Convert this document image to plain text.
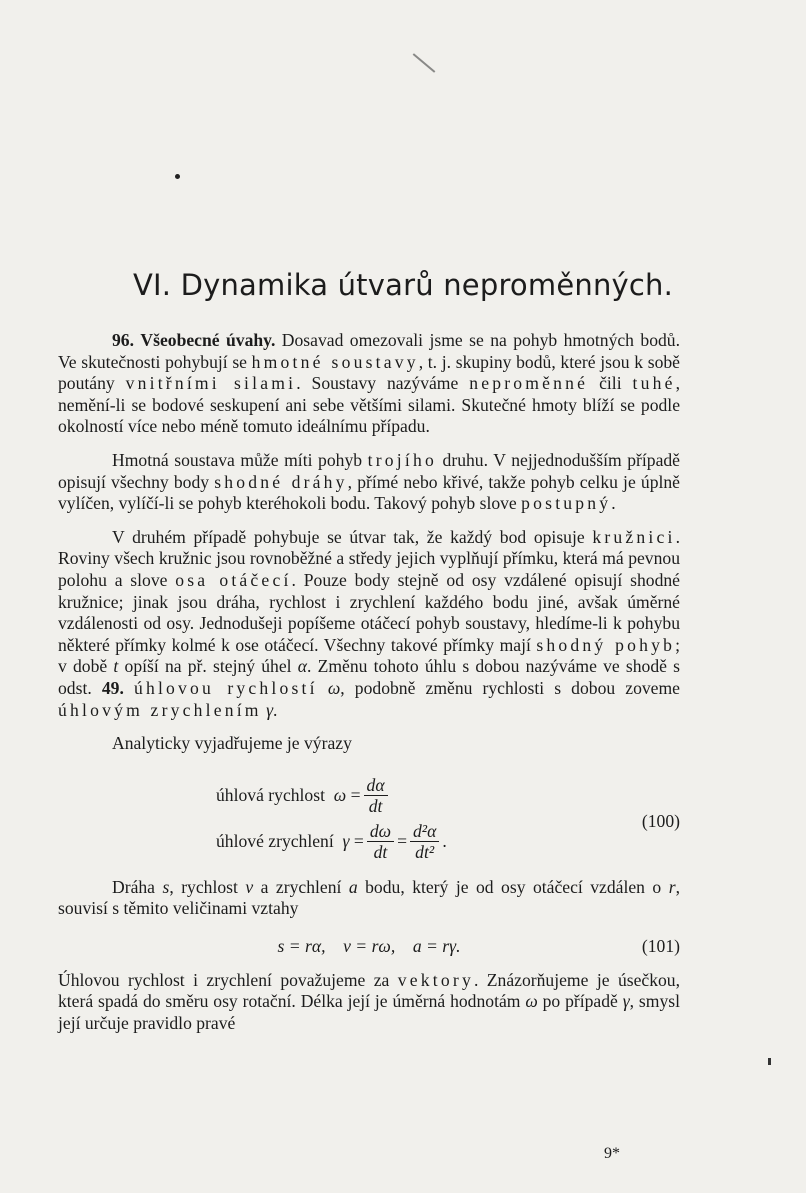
VI. Dynamika útvarů neproměnných.

96. Všeobecné úvahy. Dosavad omezovali jsme se na pohyb hmotných bodů. Ve skutečnosti pohybují se hmotné soustavy, t. j. skupiny bodů, které jsou k sobě poutány vnitřními silami. Soustavy nazýváme neproměnné čili tuhé, nemění-li se bodové seskupení ani sebe většími silami. Skutečné hmoty blíží se podle okolností více nebo méně tomuto ideálnímu případu.

Hmotná soustava může míti pohyb trojího druhu. V nejjednodušším případě opisují všechny body shodné dráhy, přímé nebo křivé, takže pohyb celku je úplně vylíčen, vylíčí-li se pohyb kteréhokoli bodu. Takový pohyb slove postupný.

V druhém případě pohybuje se útvar tak, že každý bod opisuje kružnici. Roviny všech kružnic jsou rovnoběžné a středy jejich vyplňují přímku, která má pevnou polohu a slove osa otáčecí. Pouze body stejně od osy vzdálené opisují shodné kružnice; jinak jsou dráha, rychlost i zrychlení každého bodu jiné, avšak úměrné vzdálenosti od osy. Jednodušeji popíšeme otáčecí pohyb soustavy, hledíme-li k pohybu některé přímky kolmé k ose otáčecí. Všechny takové přímky mají shodný pohyb; v době t opíší na př. stejný úhel α. Změnu tohoto úhlu s dobou nazýváme ve shodě s odst. 49. úhlovou rychlostí ω, podobně změnu rychlosti s dobou zoveme úhlovým zrychlením γ.

Analyticky vyjadřujeme je výrazy

úhlová rychlost
ω
= $\frac{d\alpha}{dt}$
úhlové zrychlení
γ
= $\frac{d\omega}{dt} = \frac{\text{d²α}}{\text{dt²}}$ .
(100)

Dráha s, rychlost v a zrychlení a bodu, který je od osy otáčecí vzdálen o r, souvisí s těmito veličinami vztahy

s = rα,    v = rω,    a = rγ.	(101)

Úhlovou rychlost i zrychlení považujeme za vektory. Znázorňujeme je úsečkou, která spadá do směru osy rotační. Délka její je úměrná hodnotám ω po případě γ, smysl její určuje pravidlo pravé

9*
